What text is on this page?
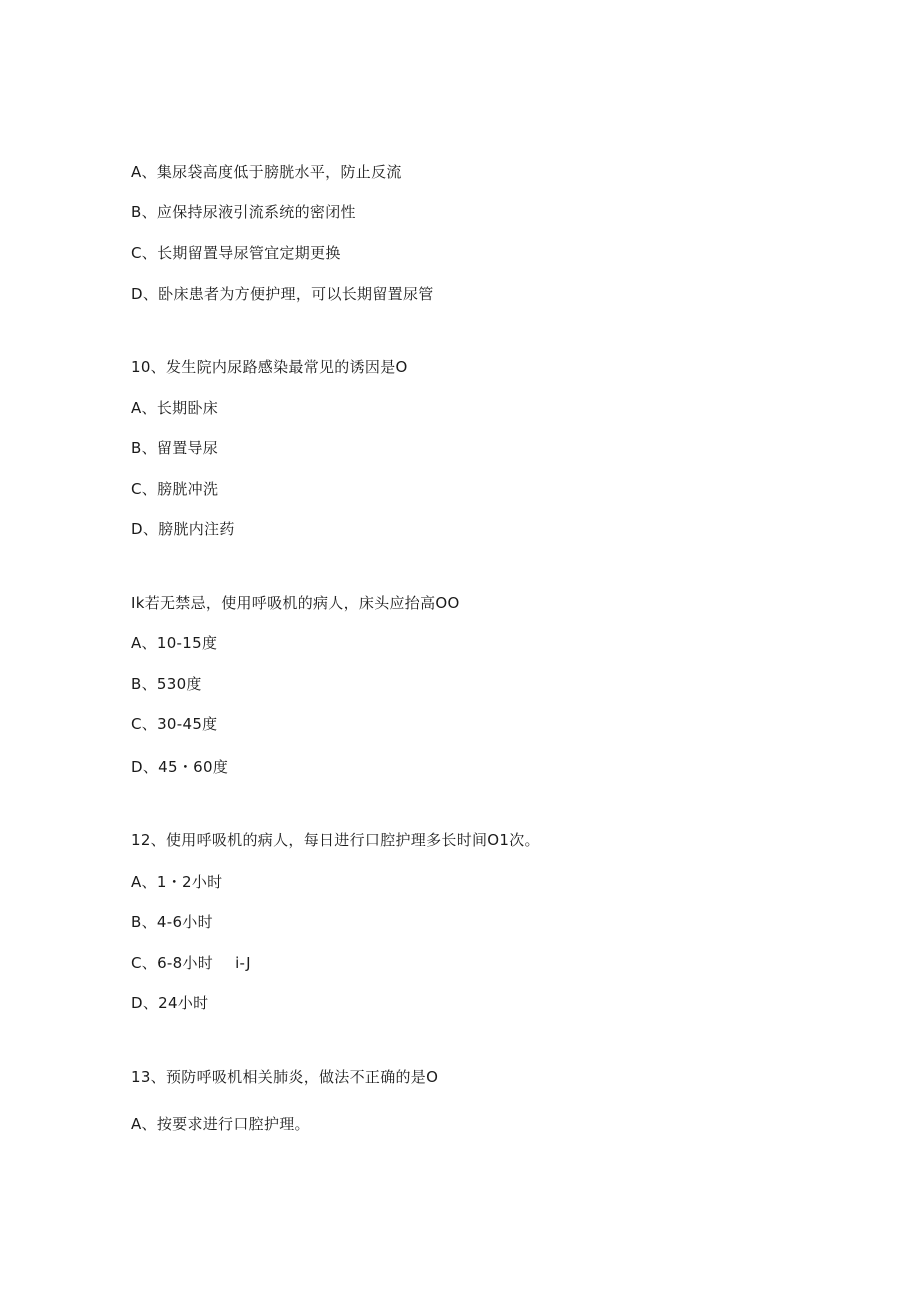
A、集尿袋高度低于膀胱水平，防止反流
B、应保持尿液引流系统的密闭性
C、长期留置导尿管宜定期更换
D、卧床患者为方便护理，可以长期留置尿管
10、发生院内尿路感染最常见的诱因是O
A、长期卧床
B、留置导尿
C、膀胱冲洗
D、膀胱内注药
Ik若无禁忌，使用呼吸机的病人，床头应抬高OO
A、10-15度
B、530度
C、30-45度
D、45・60度
12、使用呼吸机的病人，每日进行口腔护理多长时间O1次。
A、1・2小时
B、4-6小时
C、6-8小时 i-J
D、24小时
13、预防呼吸机相关肺炎，做法不正确的是O
A、按要求进行口腔护理。
